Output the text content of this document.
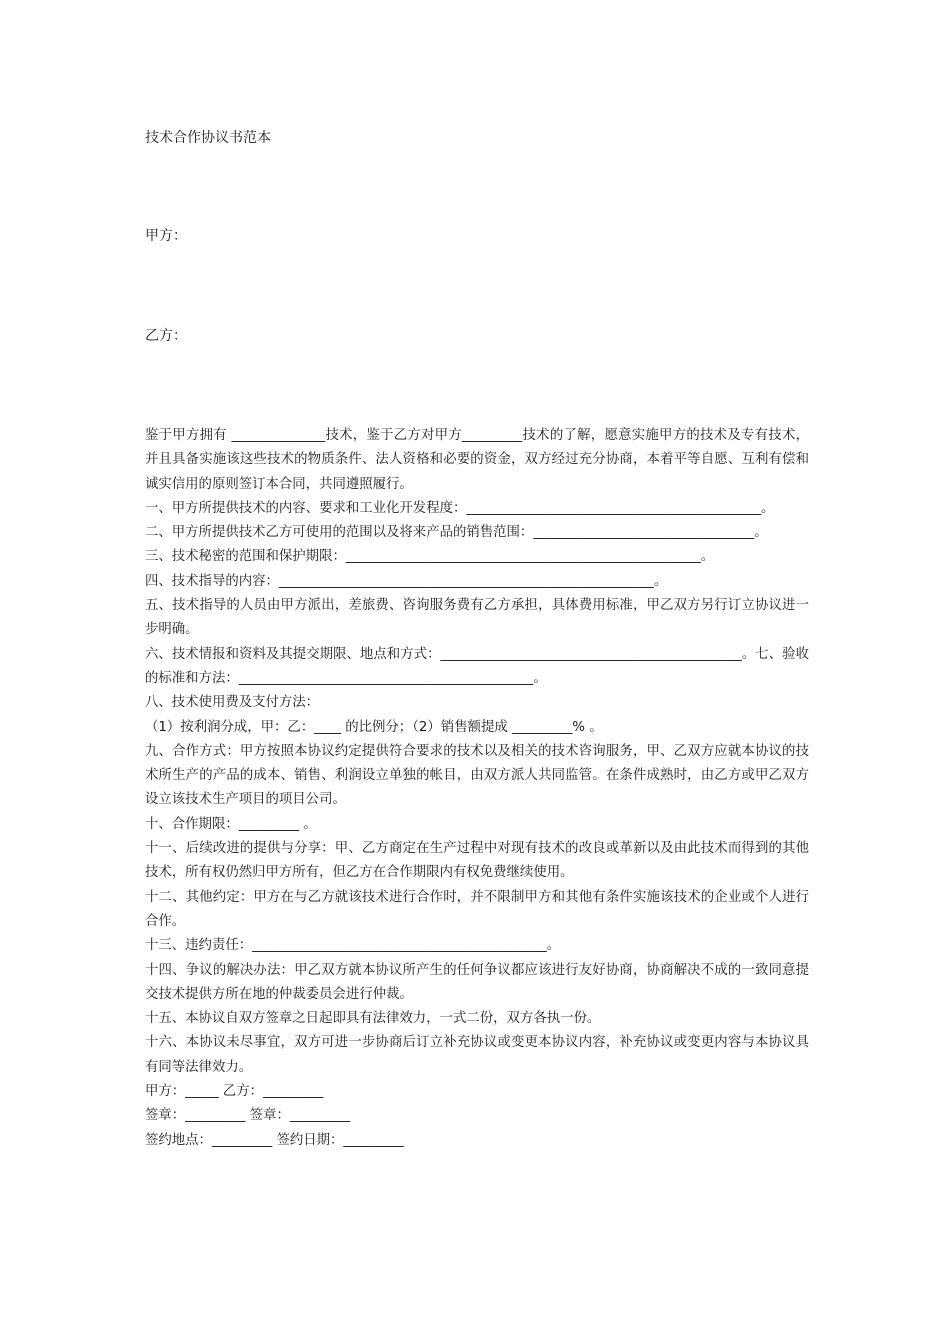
技术合作协议书范本
甲方：
乙方：

鉴于甲方拥有 ______________技术，鉴于乙方对甲方_________技术的了解，愿意实施甲方的技术及专有技术，并且具备实施该这些技术的物质条件、法人资格和必要的资金，双方经过充分协商，本着平等自愿、互利有偿和诚实信用的原则签订本合同，共同遵照履行。

一、甲方所提供技术的内容、要求和工业化开发程度：____________________________________________。

二、甲方所提供技术乙方可使用的范围以及将来产品的销售范围：_________________________________。

三、技术秘密的范围和保护期限：_____________________________________________________。

四、技术指导的内容：________________________________________________________。

五、技术指导的人员由甲方派出，差旅费、咨询服务费有乙方承担，具体费用标准，甲乙双方另行订立协议进一步明确。

六、技术情报和资料及其提交期限、地点和方式：_____________________________________________。七、验收的标准和方法：____________________________________________。

八、技术使用费及支付方法：

（1）按利润分成，甲：乙：____ 的比例分；（2）销售额提成 _________% 。

九、合作方式：甲方按照本协议约定提供符合要求的技术以及相关的技术咨询服务，甲、乙双方应就本协议的技术所生产的产品的成本、销售、利润设立单独的帐目，由双方派人共同监管。在条件成熟时，由乙方或甲乙双方设立该技术生产项目的项目公司。

十、合作期限：_________ 。

十一、后续改进的提供与分享：甲、乙方商定在生产过程中对现有技术的改良或革新以及由此技术而得到的其他技术，所有权仍然归甲方所有，但乙方在合作期限内有权免费继续使用。

十二、其他约定：甲方在与乙方就该技术进行合作时，并不限制甲方和其他有条件实施该技术的企业或个人进行合作。

十三、违约责任：____________________________________________。

十四、争议的解决办法：甲乙双方就本协议所产生的任何争议都应该进行友好协商，协商解决不成的一致同意提交技术提供方所在地的仲裁委员会进行仲裁。

十五、本协议自双方签章之日起即具有法律效力，一式二份，双方各执一份。

十六、本协议未尽事宜，双方可进一步协商后订立补充协议或变更本协议内容，补充协议或变更内容与本协议具有同等法律效力。

甲方：_____ 乙方：_________

签章：_________ 签章：_________

签约地点：_________ 签约日期：_________
